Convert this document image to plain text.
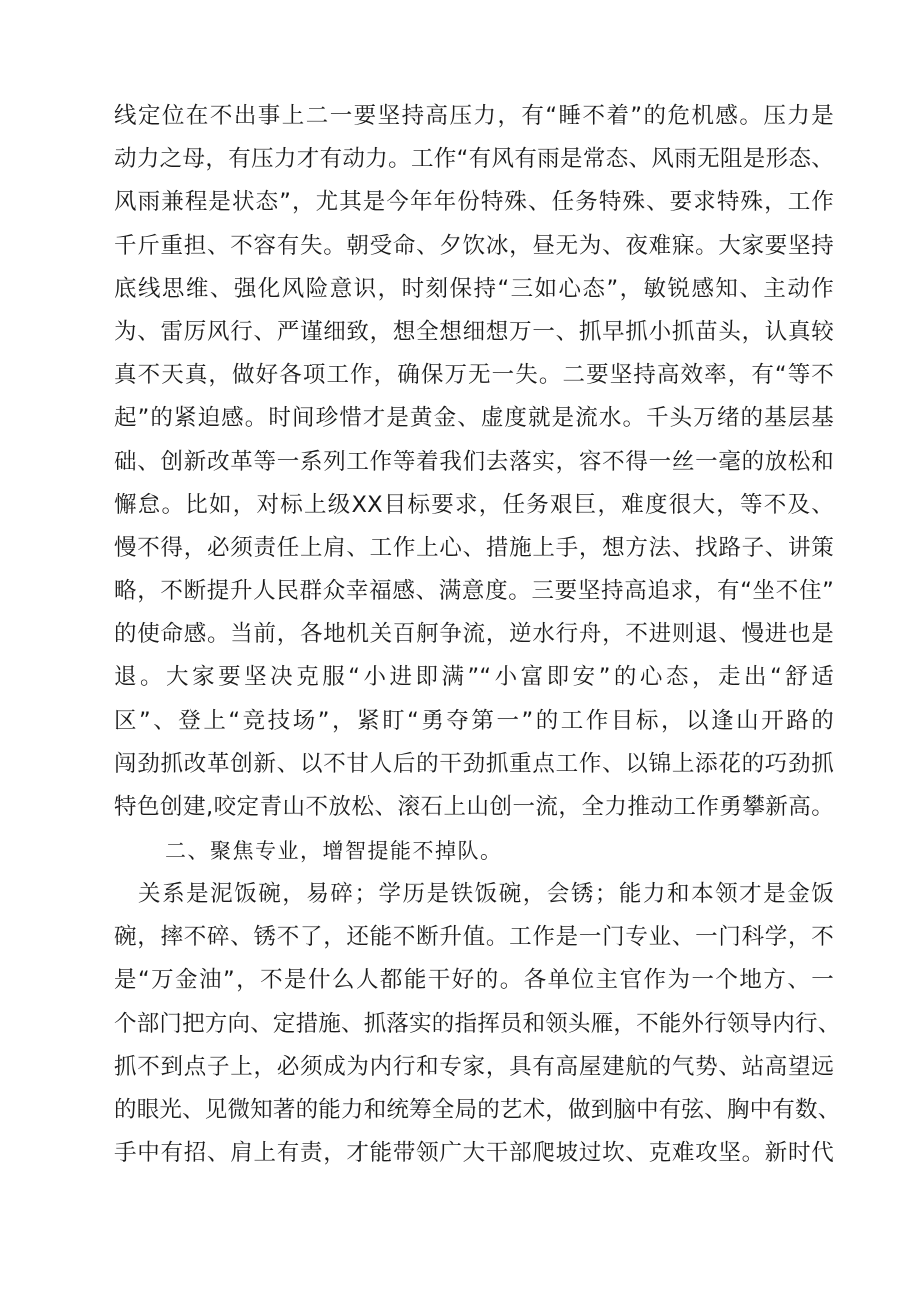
线定位在不出事上二一要坚持高压力，有“睡不着”的危机感。压力是
动力之母，有压力才有动力。工作“有风有雨是常态、风雨无阻是形态、
风雨兼程是状态”，尤其是今年年份特殊、任务特殊、要求特殊，工作
千斤重担、不容有失。朝受命、夕饮冰，昼无为、夜难寐。大家要坚持
底线思维、强化风险意识，时刻保持“三如心态”，敏锐感知、主动作
为、雷厉风行、严谨细致，想全想细想万一、抓早抓小抓苗头，认真较
真不天真，做好各项工作，确保万无一失。二要坚持高效率，有“等不
起”的紧迫感。时间珍惜才是黄金、虚度就是流水。千头万绪的基层基
础、创新改革等一系列工作等着我们去落实，容不得一丝一毫的放松和
懈怠。比如，对标上级XX目标要求，任务艰巨，难度很大，等不及、
慢不得，必须责任上肩、工作上心、措施上手，想方法、找路子、讲策
略，不断提升人民群众幸福感、满意度。三要坚持高追求，有“坐不住”
的使命感。当前，各地机关百舸争流，逆水行舟，不进则退、慢进也是
退。大家要坚决克服“小进即满”“小富即安”的心态，走出“舒适
区”、登上“竞技场”，紧盯“勇夺第一”的工作目标，以逢山开路的
闯劲抓改革创新、以不甘人后的干劲抓重点工作、以锦上添花的巧劲抓
特色创建,咬定青山不放松、滚石上山创一流，全力推动工作勇攀新高。
二、聚焦专业，增智提能不掉队。
　关系是泥饭碗，易碎；学历是铁饭碗，会锈；能力和本领才是金饭
碗，摔不碎、锈不了，还能不断升值。工作是一门专业、一门科学，不
是“万金油”，不是什么人都能干好的。各单位主官作为一个地方、一
个部门把方向、定措施、抓落实的指挥员和领头雁，不能外行领导内行、
抓不到点子上，必须成为内行和专家，具有高屋建航的气势、站高望远
的眼光、见微知著的能力和统筹全局的艺术，做到脑中有弦、胸中有数、
手中有招、肩上有责，才能带领广大干部爬坡过坎、克难攻坚。新时代
